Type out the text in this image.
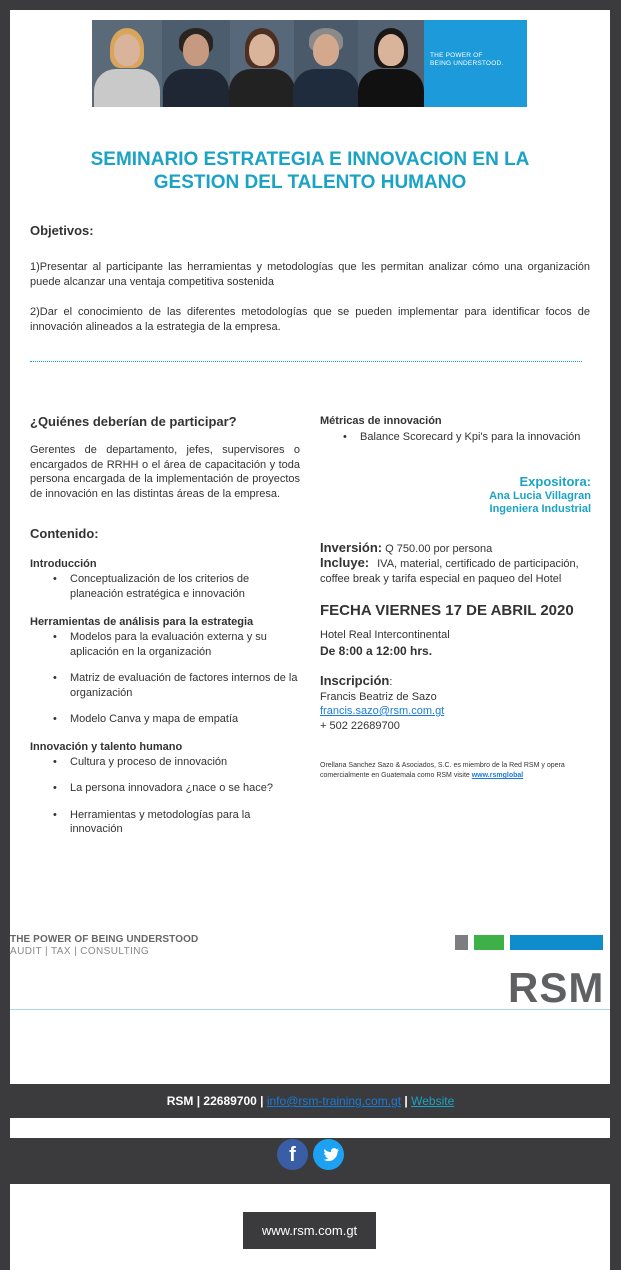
THE POWER OF
BEING UNDERSTOOD.
SEMINARIO ESTRATEGIA E INNOVACION EN LA
GESTION DEL TALENTO HUMANO
Objetivos:

1)Presentar al participante las herramientas y metodologías que les permitan analizar cómo una organización puede alcanzar una ventaja competitiva sostenida

2)Dar el conocimiento de las diferentes metodologías que se pueden implementar para identificar focos de innovación alineados a la estrategia de la empresa.

¿Quiénes deberían de participar?

Gerentes de departamento, jefes, supervisores o encargados de RRHH o el área de capacitación y toda persona encargada de la implementación de proyectos de innovación en las distintas áreas de la empresa.

Contenido:
Introducción
• Conceptualización de los criterios de planeación estratégica e innovación
Herramientas de análisis para la estrategia
• Modelos para la evaluación externa y su aplicación en la organización
• Matriz de evaluación de factores internos de la organización
• Modelo Canva y mapa de empatía
Innovación y talento humano
• Cultura y proceso de innovación
• La persona innovadora ¿nace o se hace?
• Herramientas y metodologías para la innovación
Métricas de innovación
• Balance Scorecard y Kpi's para la innovación
Expositora:
Ana Lucia Villagran
Ingeniera Industrial
Inversión: Q 750.00 por persona
Incluye: IVA, material, certificado de participación, coffee break y tarifa especial en paqueo del Hotel
FECHA VIERNES 17 DE ABRIL 2020
Hotel Real Intercontinental
De 8:00 a 12:00 hrs.
Inscripción:
Francis Beatriz de Sazo
francis.sazo@rsm.com.gt
+ 502 22689700

Orellana Sanchez Sazo & Asociados, S.C. es miembro de la Red RSM y opera comercialmente en Guatemala como RSM visite www.rsmglobal

THE POWER OF BEING UNDERSTOOD
AUDIT | TAX | CONSULTING
RSM
RSM | 22689700 | info@rsm-training.com.gt | Website
f
www.rsm.com.gt
